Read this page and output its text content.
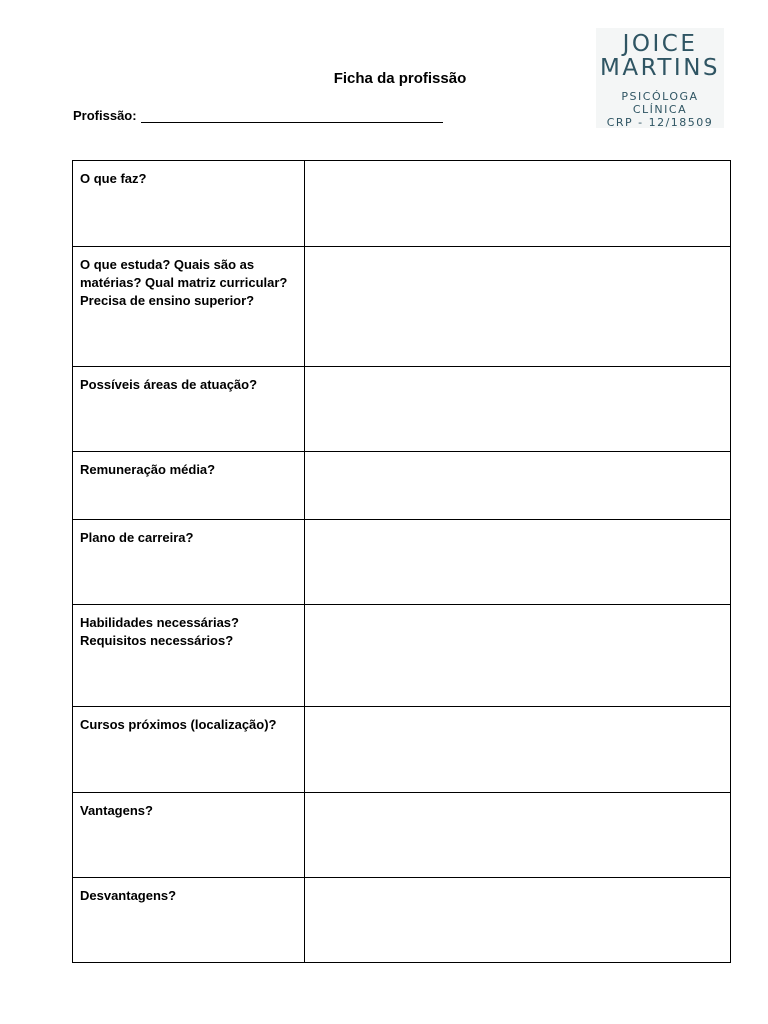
JOICE
MARTINS
PSICÓLOGA
CLÍNICA
CRP - 12/18509
Ficha da profissão
Profissão:
O que faz?	
O que estuda? Quais são as matérias? Qual matriz curricular? Precisa de ensino superior?	
Possíveis áreas de atuação?	
Remuneração média?	
Plano de carreira?	
Habilidades necessárias? Requisitos necessários?	
Cursos próximos (localização)?	
Vantagens?	
Desvantagens?	
